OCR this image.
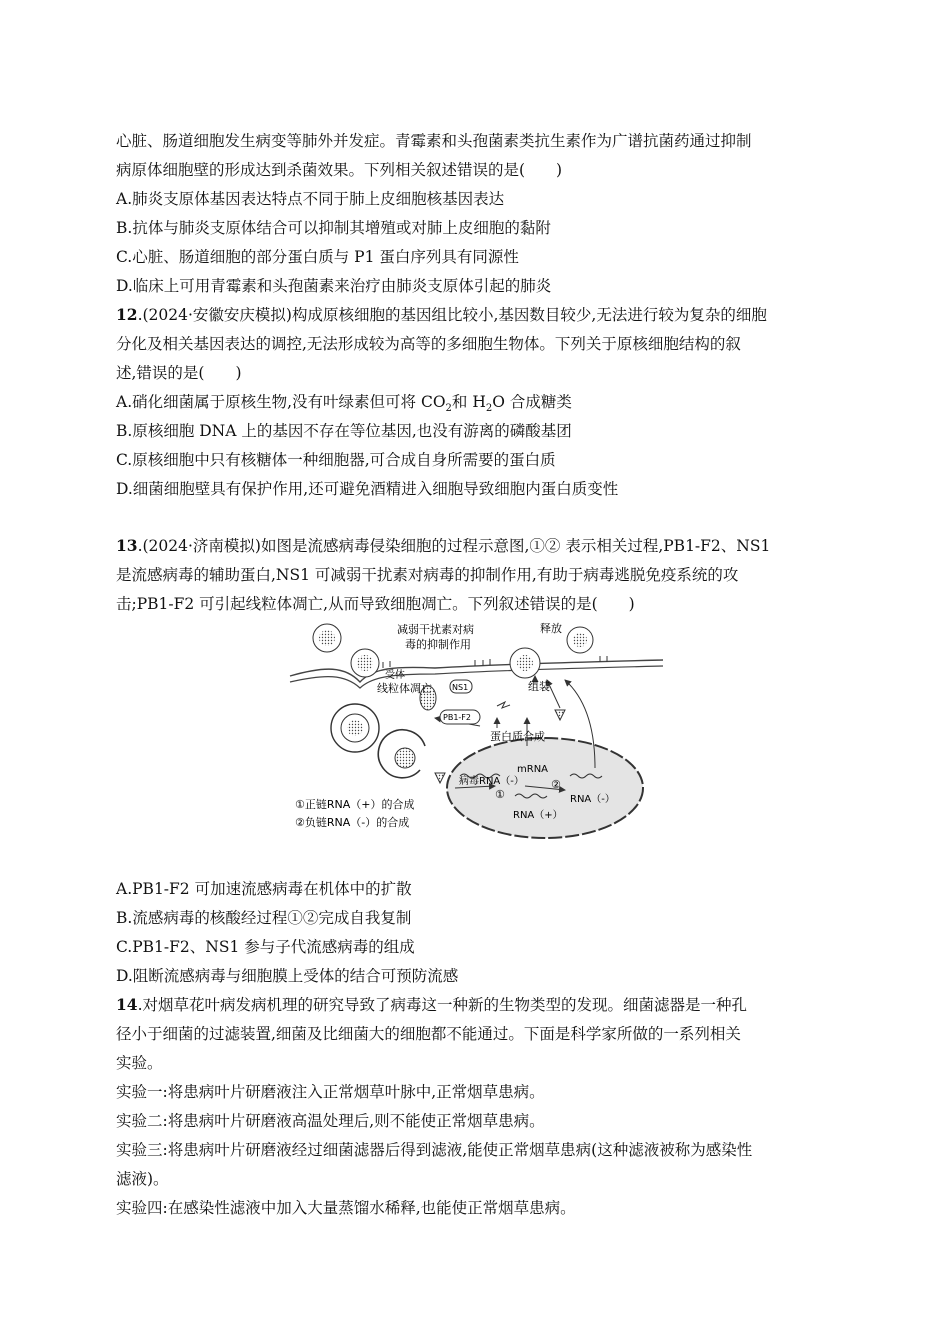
心脏、肠道细胞发生病变等肺外并发症。青霉素和头孢菌素类抗生素作为广谱抗菌药通过抑制
病原体细胞壁的形成达到杀菌效果。下列相关叙述错误的是(　　)
A.肺炎支原体基因表达特点不同于肺上皮细胞核基因表达
B.抗体与肺炎支原体结合可以抑制其增殖或对肺上皮细胞的黏附
C.心脏、肠道细胞的部分蛋白质与 P1 蛋白序列具有同源性
D.临床上可用青霉素和头孢菌素来治疗由肺炎支原体引起的肺炎
12.(2024·安徽安庆模拟)构成原核细胞的基因组比较小,基因数目较少,无法进行较为复杂的细胞
分化及相关基因表达的调控,无法形成较为高等的多细胞生物体。下列关于原核细胞结构的叙
述,错误的是(　　)
A.硝化细菌属于原核生物,没有叶绿素但可将 $CO_2$和 $H_2O$ 合成糖类
B.原核细胞 DNA 上的基因不存在等位基因,也没有游离的磷酸基团
C.原核细胞中只有核糖体一种细胞器,可合成自身所需要的蛋白质
D.细菌细胞壁具有保护作用,还可避免酒精进入细胞导致细胞内蛋白质变性
13.(2024·济南模拟)如图是流感病毒侵染细胞的过程示意图,①② 表示相关过程,PB1-F2、NS1
是流感病毒的辅助蛋白,NS1 可减弱干扰素对病毒的抑制作用,有助于病毒逃脱免疫系统的攻
击;PB1-F2 可引起线粒体凋亡,从而导致细胞凋亡。下列叙述错误的是(　　)
减弱干扰素对病
毒的抑制作用
释放
受体
线粒体凋亡	NS1	组装
PB1-F2
蛋白质合成
mRNA
病毒RNA（-）
①
②
RNA（-）
RNA（+）
①正链RNA（+）的合成
②负链RNA（-）的合成
A.PB1-F2 可加速流感病毒在机体中的扩散
B.流感病毒的核酸经过程①②完成自我复制
C.PB1-F2、NS1 参与子代流感病毒的组成
D.阻断流感病毒与细胞膜上受体的结合可预防流感
14.对烟草花叶病发病机理的研究导致了病毒这一种新的生物类型的发现。细菌滤器是一种孔
径小于细菌的过滤装置,细菌及比细菌大的细胞都不能通过。下面是科学家所做的一系列相关
实验。
实验一:将患病叶片研磨液注入正常烟草叶脉中,正常烟草患病。
实验二:将患病叶片研磨液高温处理后,则不能使正常烟草患病。
实验三:将患病叶片研磨液经过细菌滤器后得到滤液,能使正常烟草患病(这种滤液被称为感染性
滤液)。
实验四:在感染性滤液中加入大量蒸馏水稀释,也能使正常烟草患病。
